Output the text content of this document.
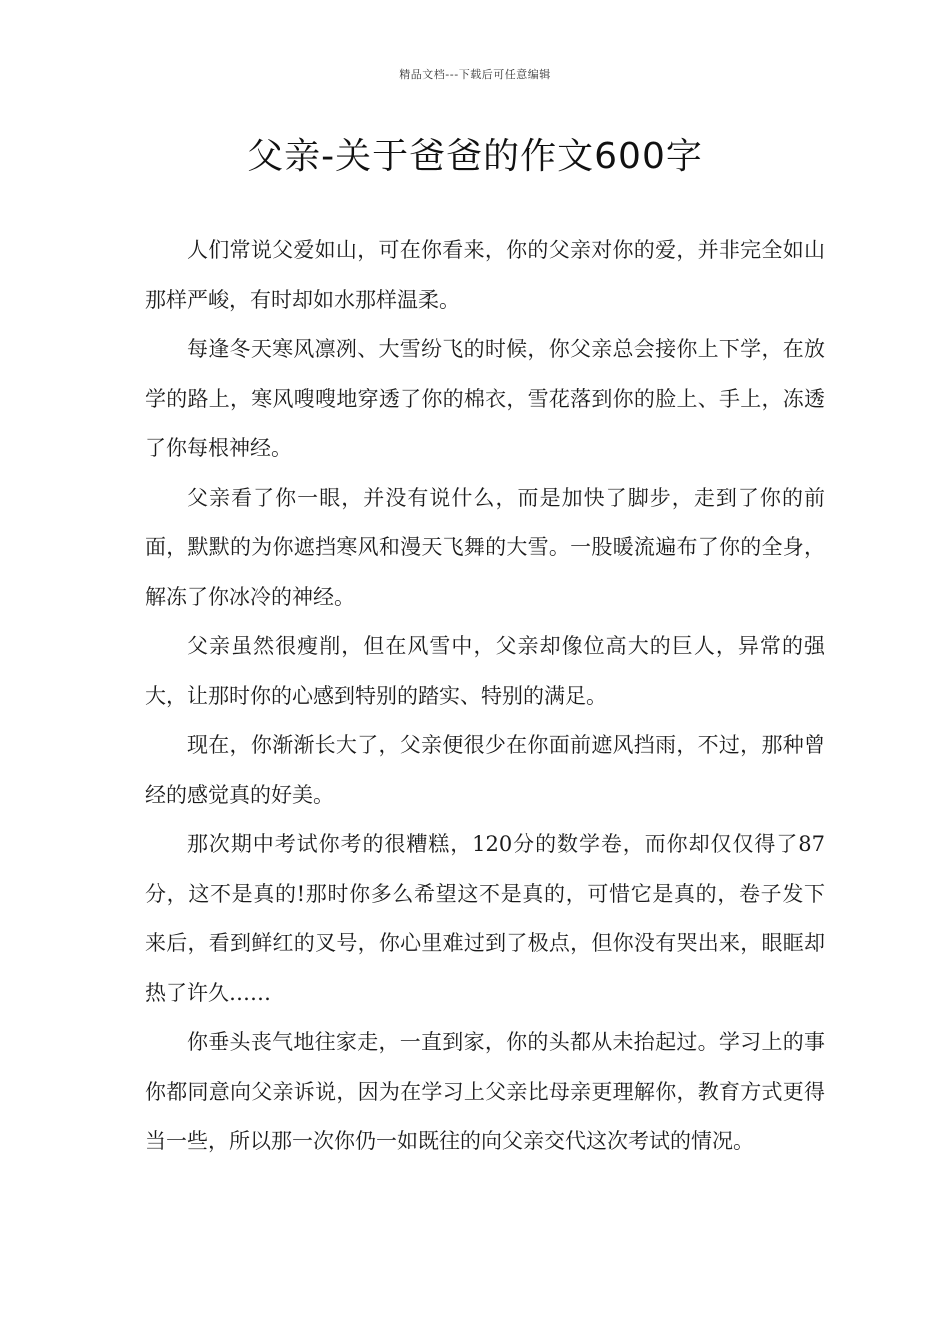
精品文档---下载后可任意编辑
父亲-关于爸爸的作文600字

人们常说父爱如山，可在你看来，你的父亲对你的爱，并非完全如山那样严峻，有时却如水那样温柔。

每逢冬天寒风凛冽、大雪纷飞的时候，你父亲总会接你上下学，在放学的路上，寒风嗖嗖地穿透了你的棉衣，雪花落到你的脸上、手上，冻透了你每根神经。

父亲看了你一眼，并没有说什么，而是加快了脚步，走到了你的前面，默默的为你遮挡寒风和漫天飞舞的大雪。一股暖流遍布了你的全身，解冻了你冰冷的神经。

父亲虽然很瘦削，但在风雪中，父亲却像位高大的巨人，异常的强大，让那时你的心感到特别的踏实、特别的满足。

现在，你渐渐长大了，父亲便很少在你面前遮风挡雨，不过，那种曾经的感觉真的好美。

那次期中考试你考的很糟糕，120分的数学卷，而你却仅仅得了87分，这不是真的!那时你多么希望这不是真的，可惜它是真的，卷子发下来后，看到鲜红的叉号，你心里难过到了极点，但你没有哭出来，眼眶却热了许久……

你垂头丧气地往家走，一直到家，你的头都从未抬起过。学习上的事你都同意向父亲诉说，因为在学习上父亲比母亲更理解你，教育方式更得当一些，所以那一次你仍一如既往的向父亲交代这次考试的情况。
